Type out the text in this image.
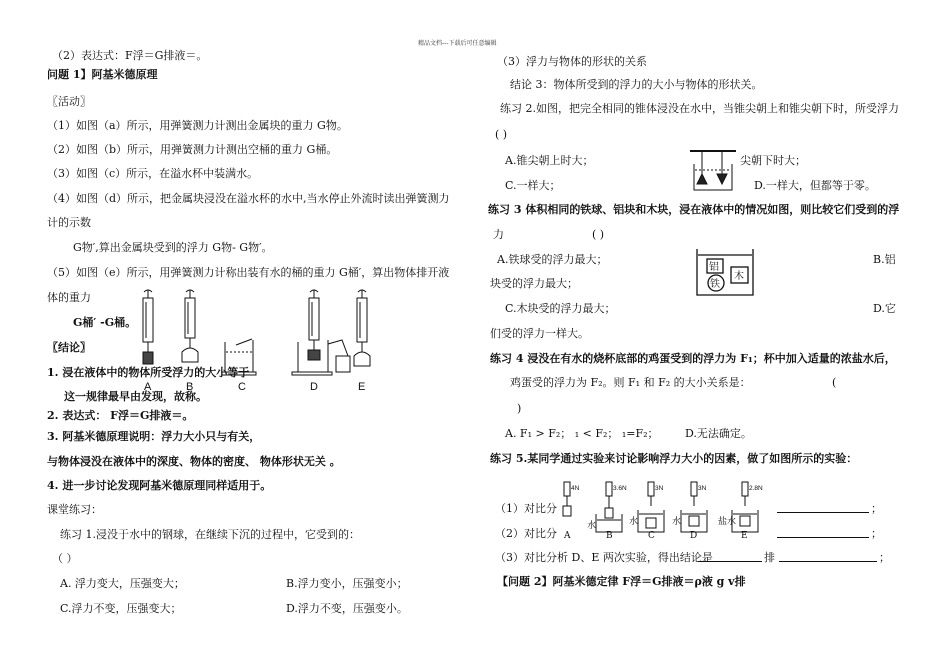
精品文档---下载后可任意编辑
（2）表达式：F浮＝G排液＝。
问题 1】阿基米德原理
〖活动〗
（1）如图（a）所示，用弹簧测力计测出金属块的重力 G物。
（2）如图（b）所示，用弹簧测力计测出空桶的重力 G桶。
（3）如图（c）所示，在溢水杯中装满水。
（4）如图（d）所示，把金属块浸没在溢水杯的水中,当水停止外流时读出弹簧测力
计的示数
G物′,算出金属块受到的浮力 G物- G物′。
（5）如图（e）所示，用弹簧测力计称出装有水的桶的重力 G桶′，算出物体排开液
体的重力
G桶′ -G桶。
〖结论〗
1. 浸在液体中的物体所受浮力的大小等于
这一规律最早由发现，故称。
2. 表达式： F浮＝G排液＝。
3. 阿基米德原理说明：浮力大小只与有关，
与物体浸没在液体中的深度、物体的密度、 物体形状无关 。
4. 进一步讨论发现阿基米德原理同样适用于。
课堂练习：
练习 1.浸没于水中的钢球，在继续下沉的过程中，它受到的：
（ ）
A. 浮力变大，压强变大；	B.浮力变小，压强变小；
C.浮力不变，压强变大；	D.浮力不变，压强变小。
A	B	C	D	E
（3）浮力与物体的形状的关系
结论 3：物体所受到的浮力的大小与物体的形状关。
练习 2.如图，把完全相同的锥体浸没在水中，当锥尖朝上和锥尖朝下时，所受浮力
( )
A.锥尖朝上时大；	尖朝下时大；
C.一样大；	D.一样大，但都等于零。
练习 3 体积相同的铁球、铝块和木块，浸在液体中的情况如图，则比较它们受到的浮
力	( )
A.铁球受的浮力最大；	B.铝
块受的浮力最大；
C.木块受的浮力最大；	D.它
们受的浮力一样大。
铝
铁
木
练习 4 浸没在有水的烧杯底部的鸡蛋受到的浮力为 F₁；杯中加入适量的浓盐水后，
鸡蛋受的浮力为 F₂。则 F₁ 和 F₂ 的大小关系是：	(
)
A. F₁ > F₂； ₁ < F₂； ₁=F₂； D.无法确定。
练习 5.某同学通过实验来讨论影响浮力大小的因素，做了如图所示的实验：
4N	3.6N	3N	3N	2.8N
A	B	C	D	E
水	水	水	盐水
（1）对比分	；
（2）对比分	；
（3）对比分析 D、E 两次实验，得出结论是	排	；
【问题 2】阿基米德定律 F浮＝G排液＝ρ液 g v排
